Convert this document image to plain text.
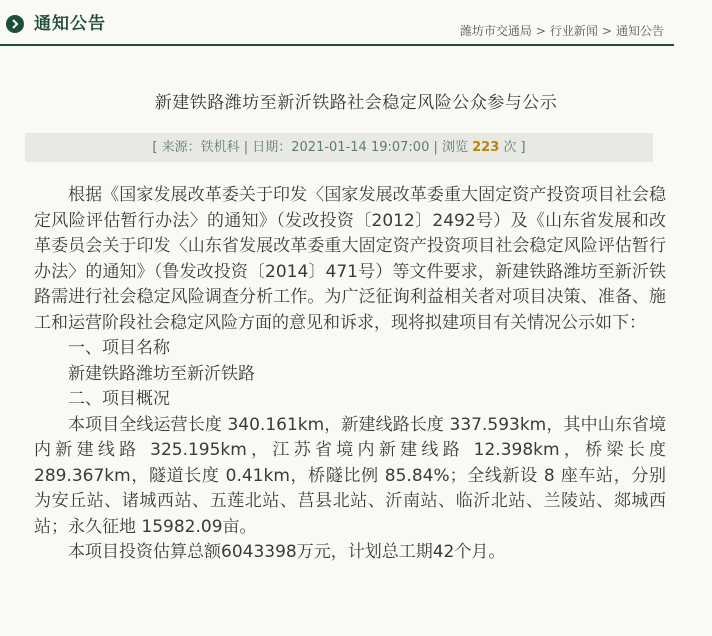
通知公告	潍坊市交通局 > 行业新闻 > 通知公告
新建铁路潍坊至新沂铁路社会稳定风险公众参与公示
[ 来源：铁机科 | 日期：2021-01-14 19:07:00 | 浏览 223 次 ]

根据《国家发展改革委关于印发〈国家发展改革委重大固定资产投资项目社会稳定风险评估暂行办法〉的通知》（发改投资〔2012〕2492号）及《山东省发展和改革委员会关于印发〈山东省发展改革委重大固定资产投资项目社会稳定风险评估暂行办法〉的通知》（鲁发改投资〔2014〕471号）等文件要求，新建铁路潍坊至新沂铁路需进行社会稳定风险调查分析工作。为广泛征询利益相关者对项目决策、准备、施工和运营阶段社会稳定风险方面的意见和诉求，现将拟建项目有关情况公示如下：

一、项目名称

新建铁路潍坊至新沂铁路

二、项目概况

本项目全线运营长度 340.161km，新建线路长度 337.593km，其中山东省境内新建线路 325.195km，江苏省境内新建线路 12.398km，桥梁长度289.367km，隧道长度 0.41km，桥隧比例 85.84%；全线新设 8 座车站，分别为安丘站、诸城西站、五莲北站、莒县北站、沂南站、临沂北站、兰陵站、郯城西站；永久征地 15982.09亩。

本项目投资估算总额6043398万元，计划总工期42个月。
